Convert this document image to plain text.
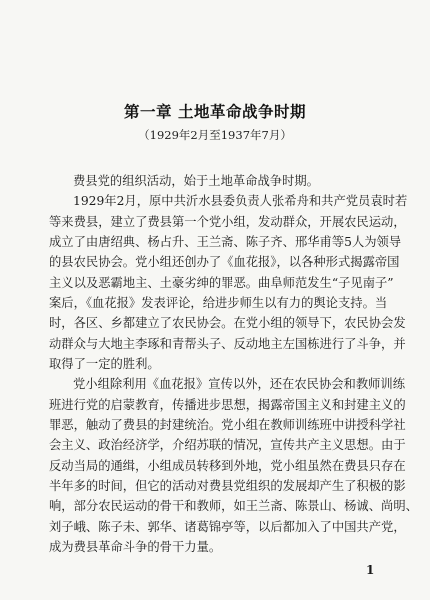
第一章 土地革命战争时期
（1929年2月至1937年7月）
费县党的组织活动，始于土地革命战争时期。
1929年2月，原中共沂水县委负责人张希舟和共产党员袁时若
等来费县，建立了费县第一个党小组，发动群众，开展农民运动，
成立了由唐绍典、杨占升、王兰斋、陈子齐、邢华甫等5人为领导
的县农民协会。党小组还创办了《血花报》，以各种形式揭露帝国
主义以及恶霸地主、土豪劣绅的罪恶。曲阜师范发生“子见南子”
案后，《血花报》发表评论，给进步师生以有力的舆论支持。当
时，各区、乡都建立了农民协会。在党小组的领导下，农民协会发
动群众与大地主李琢和青帮头子、反动地主左国栋进行了斗争，并
取得了一定的胜利。
党小组除利用《血花报》宣传以外，还在农民协会和教师训练
班进行党的启蒙教育，传播进步思想，揭露帝国主义和封建主义的
罪恶，触动了费县的封建统治。党小组在教师训练班中讲授科学社
会主义、政治经济学，介绍苏联的情况，宣传共产主义思想。由于
反动当局的通缉，小组成员转移到外地，党小组虽然在费县只存在
半年多的时间，但它的活动对费县党组织的发展却产生了积极的影
响，部分农民运动的骨干和教师，如王兰斋、陈景山、杨诚、尚明、
刘子峨、陈子未、郭华、诸葛锦亭等，以后都加入了中国共产党，
成为费县革命斗争的骨干力量。
1
